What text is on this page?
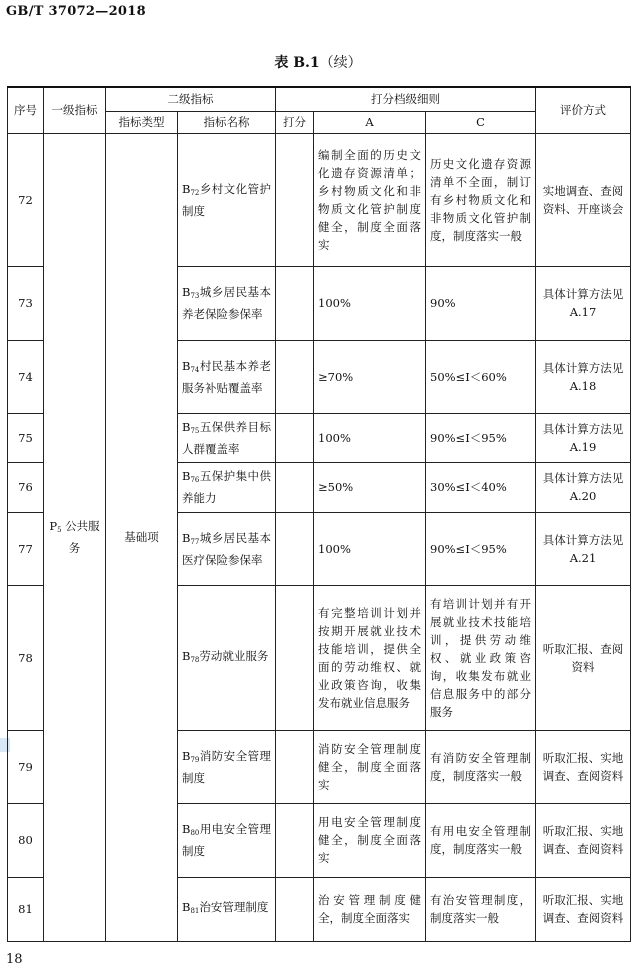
GB/T 37072—2018
表 B.1（续）
序号	一级指标	二级指标		打分档级细则			评价方式
		指标类型	指标名称	打分	A	C	
72	$P_5$ 公共服务	基础项	$B_{72}$乡村文化管护制度		编制全面的历史文化遗存资源清单；乡村物质文化和非物质文化管护制度健全，制度全面落实	历史文化遗存资源清单不全面，制订有乡村物质文化和非物质文化管护制度，制度落实一般	实地调查、查阅资料、开座谈会
73			$B_{73}$城乡居民基本养老保险参保率		100%	90%	具体计算方法见 A.17
74			$B_{74}$村民基本养老服务补贴覆盖率		≥70%	50%≤I＜60%	具体计算方法见 A.18
75			$B_{75}$五保供养目标人群覆盖率		100%	90%≤I＜95%	具体计算方法见 A.19
76			$B_{76}$五保护集中供养能力		≥50%	30%≤I＜40%	具体计算方法见 A.20
77			$B_{77}$城乡居民基本医疗保险参保率		100%	90%≤I＜95%	具体计算方法见 A.21
78			$B_{78}$劳动就业服务		有完整培训计划并按期开展就业技术技能培训，提供全面的劳动维权、就业政策咨询，收集发布就业信息服务	有培训计划并有开展就业技术技能培训，提供劳动维权、就业政策咨询，收集发布就业信息服务中的部分服务	听取汇报、查阅资料
79			$B_{79}$消防安全管理制度		消防安全管理制度健全，制度全面落实	有消防安全管理制度，制度落实一般	听取汇报、实地调查、查阅资料
80			$B_{80}$用电安全管理制度		用电安全管理制度健全，制度全面落实	有用电安全管理制度，制度落实一般	听取汇报、实地调查、查阅资料
81			$B_{81}$治安管理制度		治安管理制度健全，制度全面落实	有治安管理制度，制度落实一般	听取汇报、实地调查、查阅资料
18
